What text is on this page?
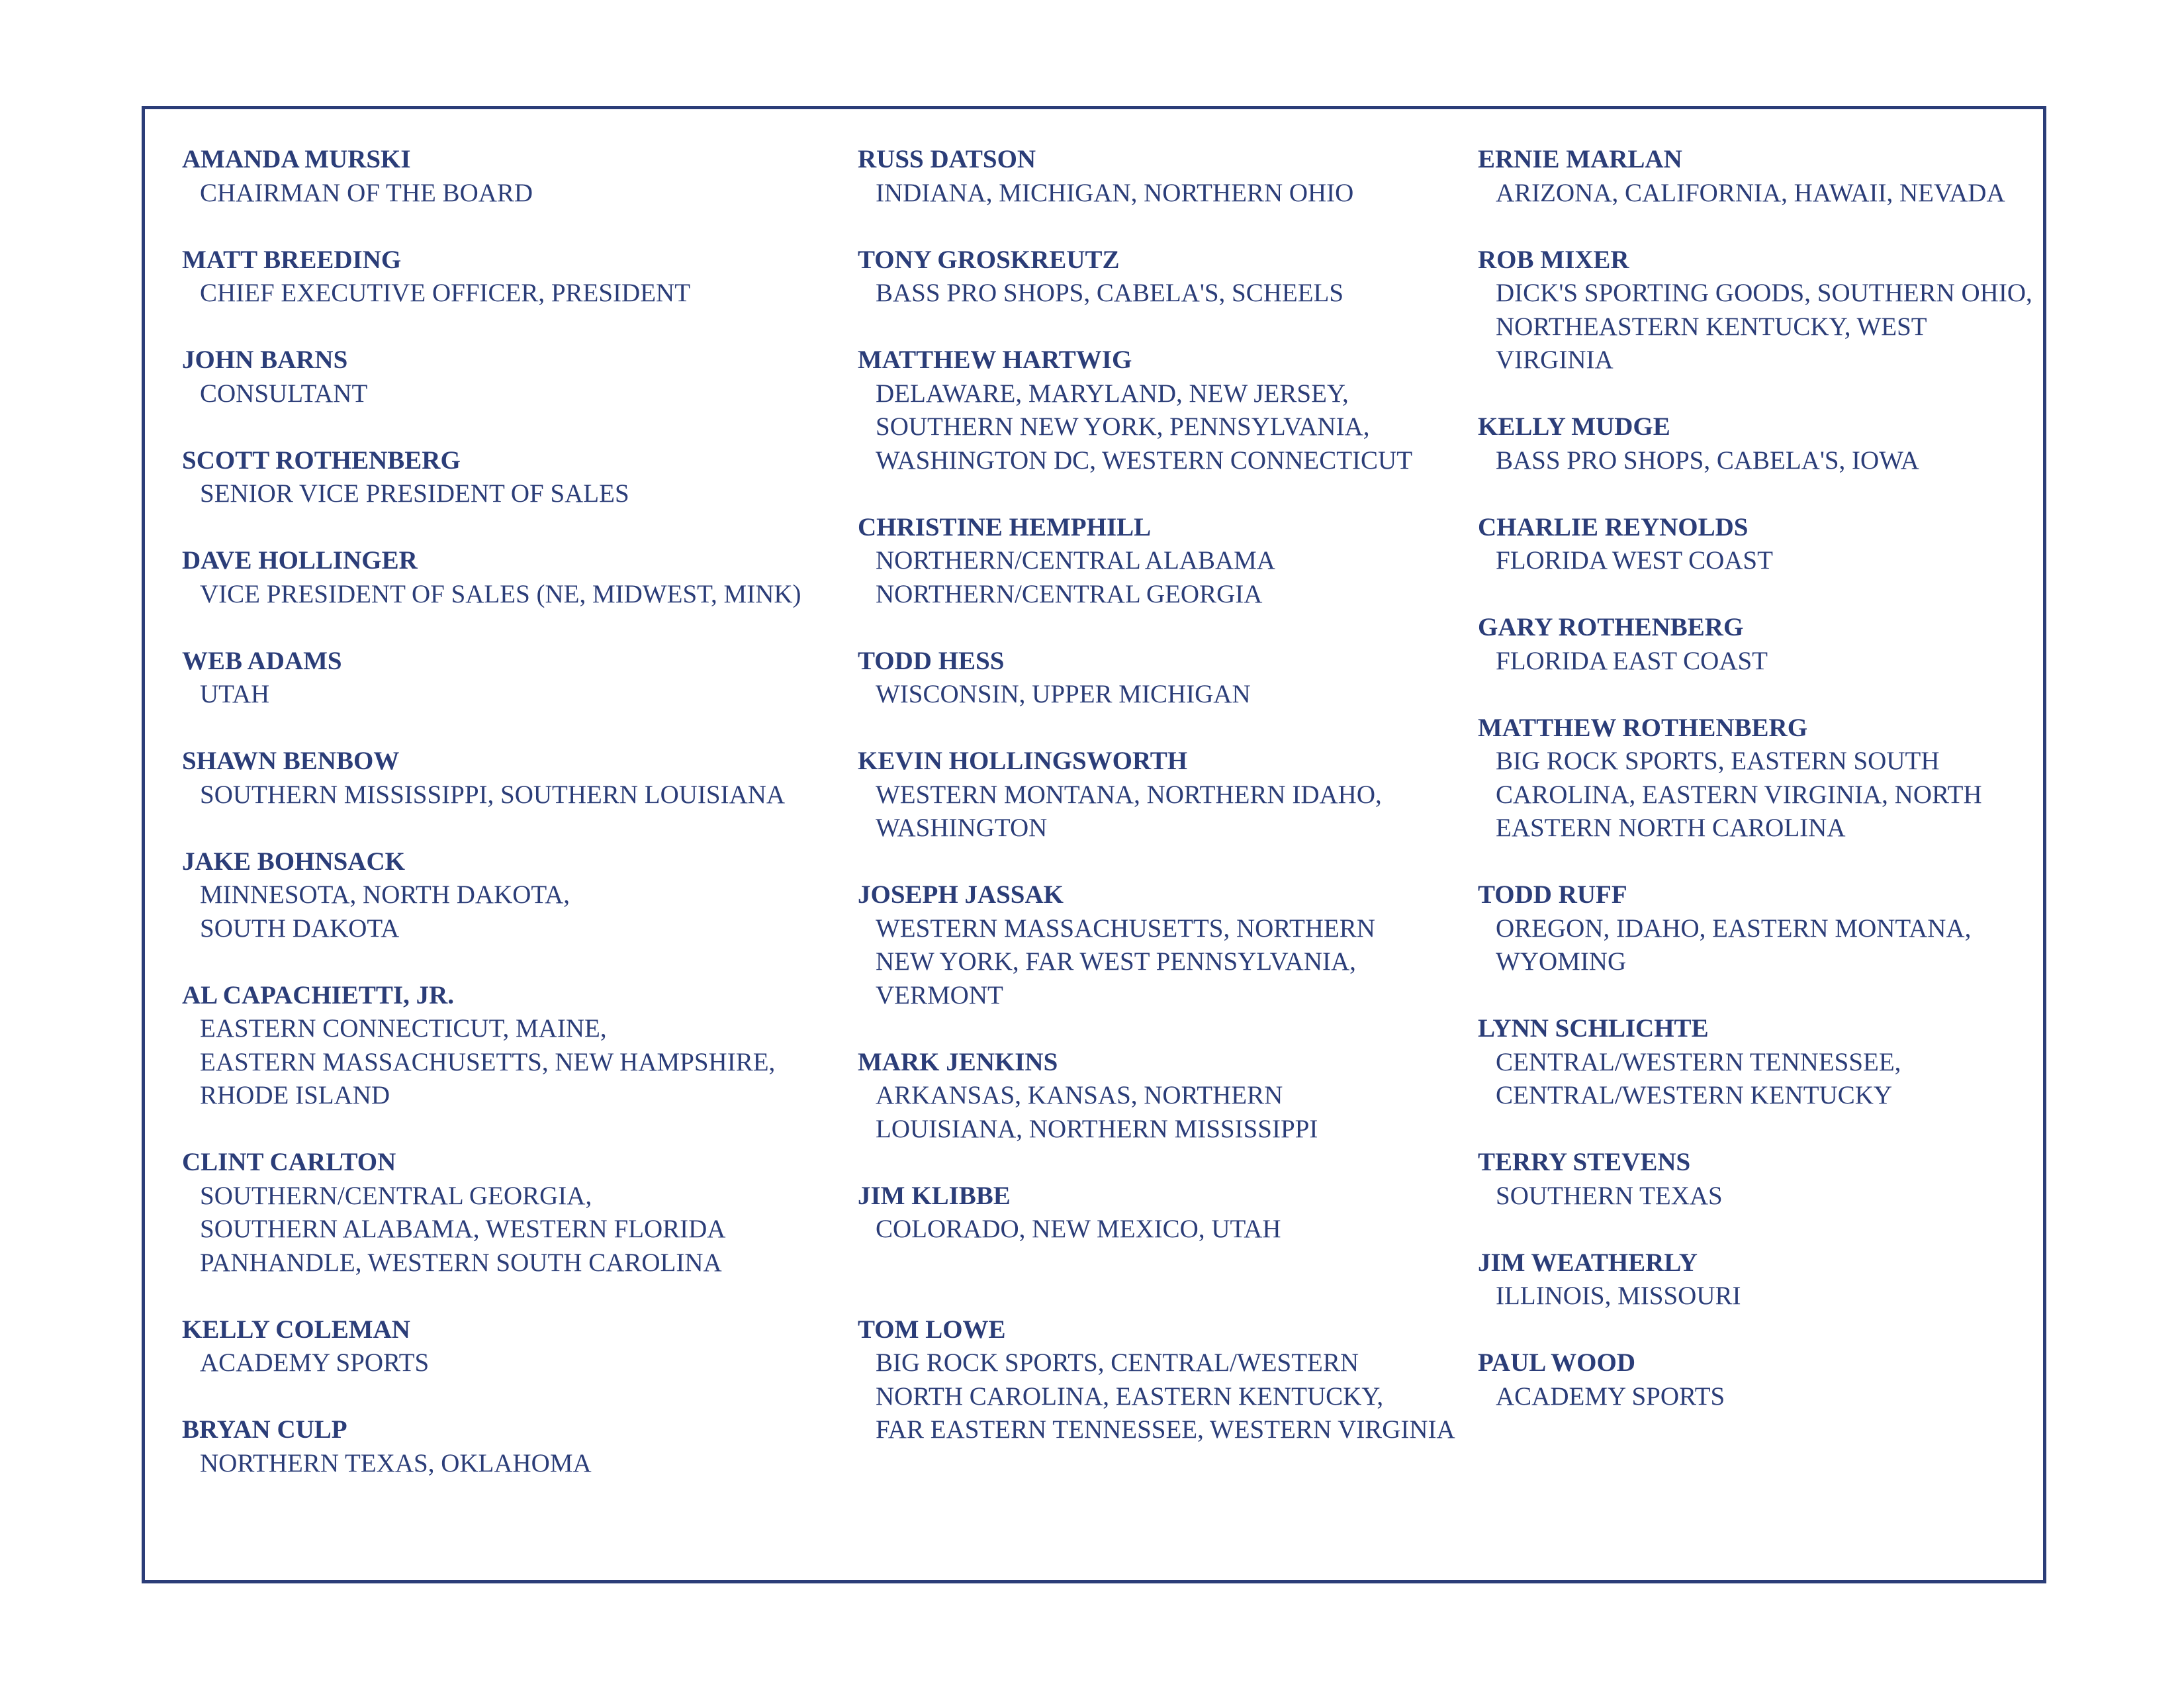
AMANDA MURSKI
CHAIRMAN OF THE BOARD
MATT BREEDING
CHIEF EXECUTIVE OFFICER, PRESIDENT
JOHN BARNS
CONSULTANT
SCOTT ROTHENBERG
SENIOR VICE PRESIDENT OF SALES
DAVE HOLLINGER
VICE PRESIDENT OF SALES (NE, MIDWEST, MINK)
WEB ADAMS
UTAH
SHAWN BENBOW
SOUTHERN MISSISSIPPI, SOUTHERN LOUISIANA
JAKE BOHNSACK
MINNESOTA, NORTH DAKOTA,
SOUTH DAKOTA
AL CAPACHIETTI, JR.
EASTERN CONNECTICUT, MAINE,
EASTERN MASSACHUSETTS, NEW HAMPSHIRE,
RHODE ISLAND
CLINT CARLTON
SOUTHERN/CENTRAL GEORGIA,
SOUTHERN ALABAMA, WESTERN FLORIDA
PANHANDLE, WESTERN SOUTH CAROLINA
KELLY COLEMAN
ACADEMY SPORTS
BRYAN CULP
NORTHERN TEXAS, OKLAHOMA
RUSS DATSON
INDIANA, MICHIGAN, NORTHERN OHIO
TONY GROSKREUTZ
BASS PRO SHOPS, CABELA'S, SCHEELS
MATTHEW HARTWIG
DELAWARE, MARYLAND, NEW JERSEY,
SOUTHERN NEW YORK, PENNSYLVANIA,
WASHINGTON DC, WESTERN CONNECTICUT
CHRISTINE HEMPHILL
NORTHERN/CENTRAL ALABAMA
NORTHERN/CENTRAL GEORGIA
TODD HESS
WISCONSIN, UPPER MICHIGAN
KEVIN HOLLINGSWORTH
WESTERN MONTANA, NORTHERN IDAHO,
WASHINGTON
JOSEPH JASSAK
WESTERN MASSACHUSETTS, NORTHERN
NEW YORK, FAR WEST PENNSYLVANIA,
VERMONT
MARK JENKINS
ARKANSAS, KANSAS, NORTHERN
LOUISIANA, NORTHERN MISSISSIPPI
JIM KLIBBE
COLORADO, NEW MEXICO, UTAH
TOM LOWE
BIG ROCK SPORTS, CENTRAL/WESTERN
NORTH CAROLINA, EASTERN KENTUCKY,
FAR EASTERN TENNESSEE, WESTERN VIRGINIA
ERNIE MARLAN
ARIZONA, CALIFORNIA, HAWAII, NEVADA
ROB MIXER
DICK'S SPORTING GOODS, SOUTHERN OHIO,
NORTHEASTERN KENTUCKY, WEST
VIRGINIA
KELLY MUDGE
BASS PRO SHOPS, CABELA'S, IOWA
CHARLIE REYNOLDS
FLORIDA WEST COAST
GARY ROTHENBERG
FLORIDA EAST COAST
MATTHEW ROTHENBERG
BIG ROCK SPORTS, EASTERN SOUTH
CAROLINA, EASTERN VIRGINIA, NORTH
EASTERN NORTH CAROLINA
TODD RUFF
OREGON, IDAHO, EASTERN MONTANA,
WYOMING
LYNN SCHLICHTE
CENTRAL/WESTERN TENNESSEE,
CENTRAL/WESTERN KENTUCKY
TERRY STEVENS
SOUTHERN TEXAS
JIM WEATHERLY
ILLINOIS, MISSOURI
PAUL WOOD
ACADEMY SPORTS
